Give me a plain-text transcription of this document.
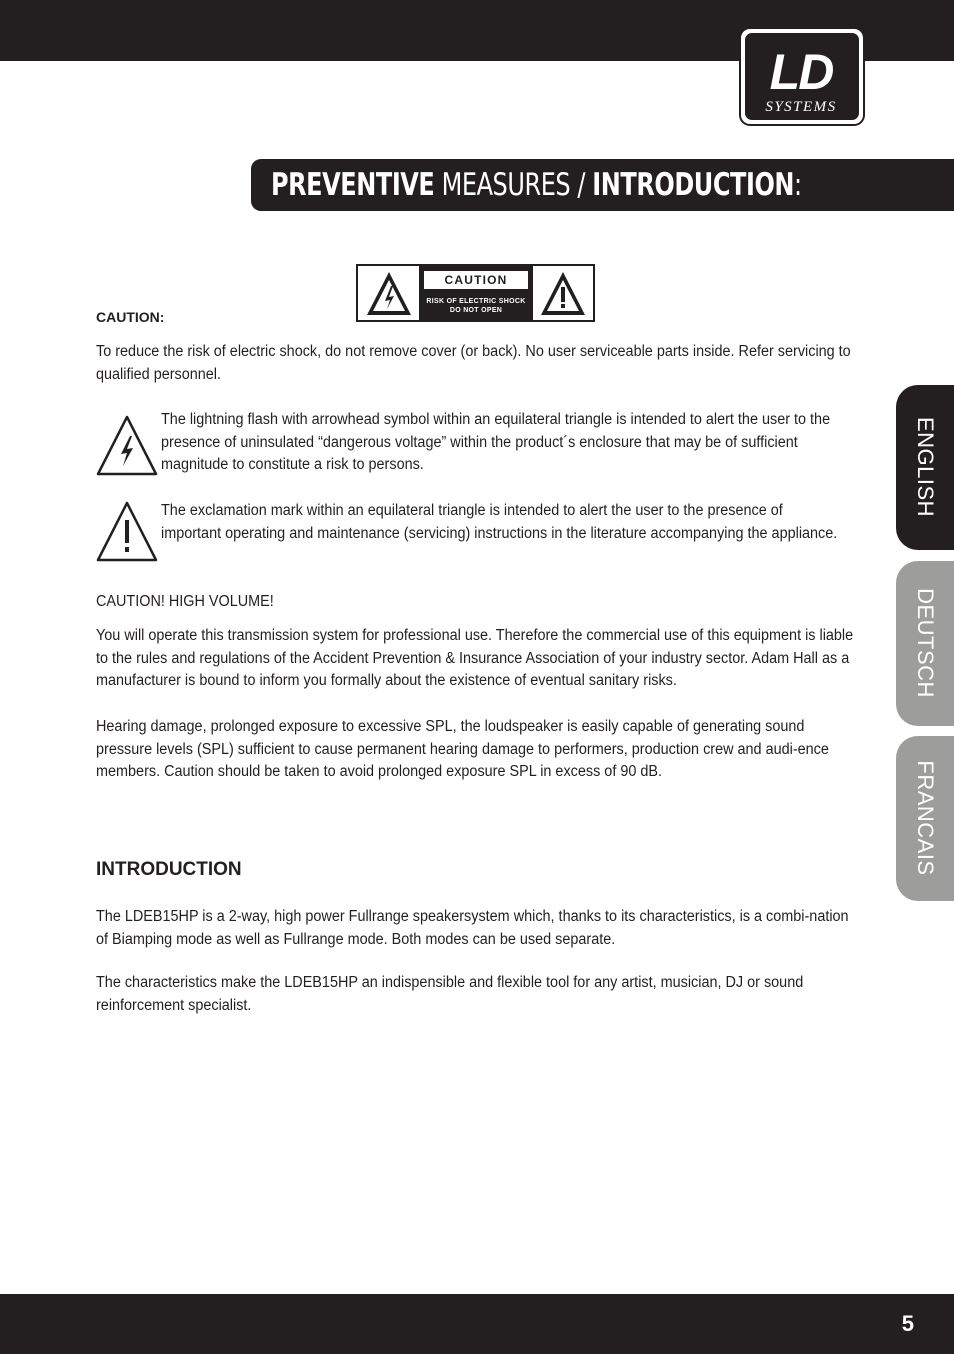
LD
SYSTEMS
PREVENTIVE MEASURES / INTRODUCTION:
CAUTION
RISK OF ELECTRIC SHOCK
DO NOT OPEN

CAUTION:

To reduce the risk of electric shock, do not remove cover (or back). No user serviceable parts inside. Refer servicing to qualified personnel.

The lightning flash with arrowhead symbol within an equilateral triangle is intended to alert the user to the presence of uninsulated “dangerous voltage” within the product´s enclosure that may be of sufficient magnitude to constitute a risk to persons.

The exclamation mark within an equilateral triangle is intended to alert the user to the presence of important operating and maintenance (servicing) instructions in the literature accompanying the appliance.

CAUTION! HIGH VOLUME!

You will operate this transmission system for professional use. Therefore the commercial use of this equipment is liable to the rules and regulations of the Accident Prevention & Insurance Association of your industry sector. Adam Hall as a manufacturer is bound to inform you formally about the existence of eventual sanitary risks.

Hearing damage, prolonged exposure to excessive SPL, the loudspeaker is easily capable of generating sound pressure levels (SPL) sufficient to cause permanent hearing damage to performers, production crew and audi-ence members. Caution should be taken to avoid prolonged exposure SPL in excess of 90 dB.

INTRODUCTION

The LDEB15HP is a 2-way, high power Fullrange speakersystem which, thanks to its characteristics, is a combi-nation of Biamping mode as well as Fullrange mode. Both modes can be used separate.

The characteristics make the LDEB15HP an indispensible and flexible tool for any artist, musician, DJ or sound reinforcement specialist.

ENGLISH
DEUTSCH
FRANCAIS
5
